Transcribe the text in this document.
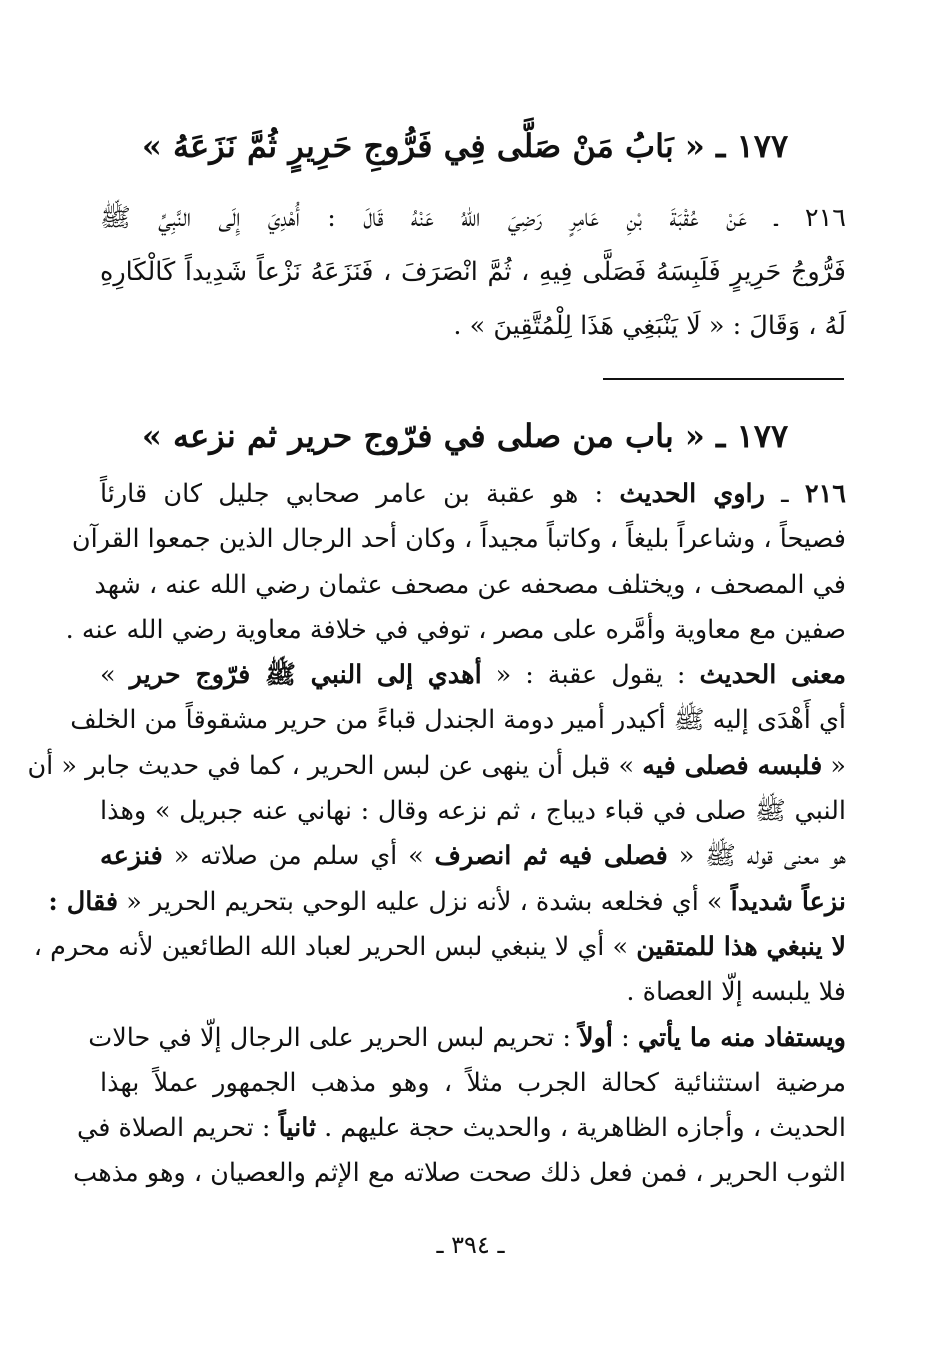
١٧٧ ـ « بَابُ مَنْ صَلَّى فِي فَرُّوجِ حَرِيرٍ ثُمَّ نَزَعَهُ »
٢١٦ ـ عَنْ عُقْبَةَ بْنِ عَامِرٍ رَضِيَ اللهُ عَنْهُ قَالَ : أُهْدِيَ إِلَى النَّبِيِّ ﷺ
فَرُّوجُ حَرِيرٍ فَلَبِسَهُ فَصَلَّى فِيهِ ، ثُمَّ انْصَرَفَ ، فَنَزَعَهُ نَزْعاً شَدِيداً كَالْكَارِهِ
لَهُ ، وَقَالَ : « لَا يَنْبَغِي هَذَا لِلْمُتَّقِينَ » .
١٧٧ ـ « باب من صلى في فرّوج حرير ثم نزعه »
٢١٦ ـ راوي الحديث : هو عقبة بن عامر صحابي جليل كان قارئاً
فصيحاً ، وشاعراً بليغاً ، وكاتباً مجيداً ، وكان أحد الرجال الذين جمعوا القرآن
في المصحف ، ويختلف مصحفه عن مصحف عثمان رضي الله عنه ، شهد
صفين مع معاوية وأمَّره على مصر ، توفي في خلافة معاوية رضي الله عنه .
معنى الحديث : يقول عقبة : « أهدي إلى النبي ﷺ فرّوج حرير »
أي أَهْدَى إليه ﷺ أكيدر أمير دومة الجندل قباءً من حرير مشقوقاً من الخلف
« فلبسه فصلى فيه » قبل أن ينهى عن لبس الحرير ، كما في حديث جابر « أن
النبي ﷺ صلى في قباء ديباج ، ثم نزعه وقال : نهاني عنه جبريل » وهذا
هو معنى قوله ﷺ « فصلى فيه ثم انصرف » أي سلم من صلاته « فنزعه
نزعاً شديداً » أي فخلعه بشدة ، لأنه نزل عليه الوحي بتحريم الحرير « فقال :
لا ينبغي هذا للمتقين » أي لا ينبغي لبس الحرير لعباد الله الطائعين لأنه محرم ،
فلا يلبسه إلّا العصاة .
ويستفاد منه ما يأتي : أولاً : تحريم لبس الحرير على الرجال إلّا في حالات
مرضية استثنائية كحالة الجرب مثلاً ، وهو مذهب الجمهور عملاً بهذا
الحديث ، وأجازه الظاهرية ، والحديث حجة عليهم . ثانياً : تحريم الصلاة في
الثوب الحرير ، فمن فعل ذلك صحت صلاته مع الإثم والعصيان ، وهو مذهب
ـ ٣٩٤ ـ
